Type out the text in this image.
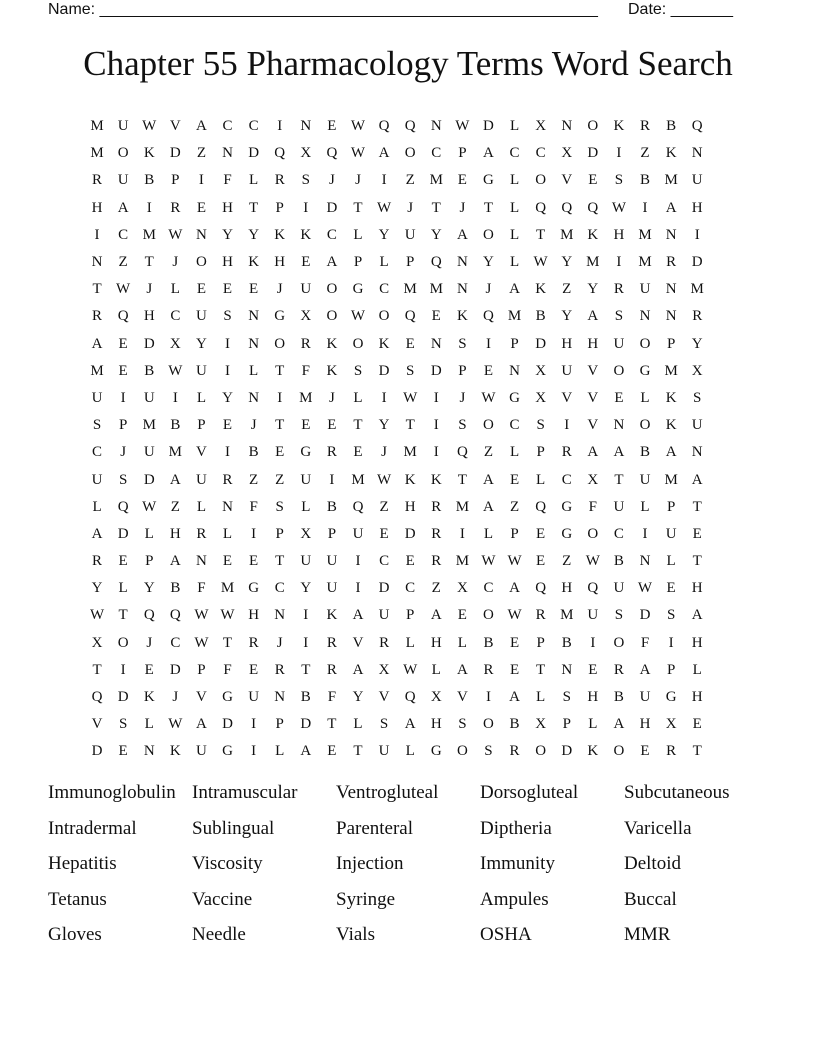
Name: ________________________________________________________ Date: _______
Chapter 55 Pharmacology Terms Word Search
M U W V	A	C	C	I	N	E W Q	Q	N W D	L	X	N	O	K	R	B	Q
M O	K	D	Z	N	D	Q	X	Q W A	O	C	P	A	C	C	X	D	I	Z	K	N
R	U	B	P	I	F	L	R	S	J	J	I	Z M E	G	L	O	V	E	S	B M U
H	A	I	R	E	H	T	P	I	D	T W	J	T	J	T	L	Q	Q	Q W	I	A	H
I	C M W N	Y	Y	K	K	C	L	Y	U	Y	A	O	L	T M K	H M N	I
N	Z	T	J	O	H	K	H	E	A	P	L	P	Q	N	Y	L W Y M	I	M R	D
T W	J	L	E	E	E	J	U	O	G	C M M N	J	A	K	Z	Y	R	U	N M
R	Q	H	C	U	S	N	G	X	O W O	Q	E	K	Q M B	Y	A	S	N	N	R
A	E	D	X	Y	I	N	O	R	K	O	K	E	N	S	I	P	D	H	H	U	O	P	Y
M E	B W U	I	L	T	F	K	S	D	S	D	P	E	N	X	U	V	O	G M X
U	I	U	I	L	Y	N	I	M	J	L	I	W	I	J	W G	X	V	V	E	L	K	S
S	P	M B	P	E	J	T	E	E	T	Y	T	I	S	O	C	S	I	V	N	O	K	U
C	J	U M V	I	B	E	G	R	E	J	M	I	Q	Z	L	P	R	A	A	B	A	N
U	S	D	A	U	R	Z	Z	U	I	M W K	K	T	A	E	L	C	X	T	U M A
L	Q W Z	L	N	F	S	L	B	Q	Z	H	R M A	Z	Q	G	F	U	L	P	T
A	D	L	H	R	L	I	P	X	P	U	E	D	R	I	L	P	E	G	O	C	I	U	E
R	E	P	A	N	E	E	T	U	U	I	C	E	R M W W E	Z W B	N	L	T
Y	L	Y	B	F	M G	C	Y	U	I	D	C	Z	X	C	A	Q	H	Q	U W E	H
W T	Q	Q W W H	N	I	K	A	U	P	A	E	O W R M U	S	D	S	A
X	O	J	C W T	R	J	I	R	V	R	L	H	L	B	E	P	B	I	O	F	I	H
T	I	E	D	P	F	E	R	T	R	A	X W L	A	R	E	T	N	E	R	A	P	L
Q	D	K	J	V	G	U	N	B	F	Y	V	Q	X	V	I	A	L	S	H	B	U	G	H
V	S	L W A	D	I	P	D	T	L	S	A	H	S	O	B	X	P	L	A	H	X	E
D	E	N	K	U	G	I	L	A	E	T	U	L	G	O	S	R	O	D	K	O	E	R	T
Immunoglobulin Intramuscular	Ventrogluteal	Dorsogluteal	Subcutaneous
Intradermal	Sublingual	Parenteral	Diptheria	Varicella
Hepatitis	Viscosity	Injection	Immunity	Deltoid
Tetanus	Vaccine	Syringe	Ampules	Buccal
Gloves	Needle	Vials	OSHA	MMR
